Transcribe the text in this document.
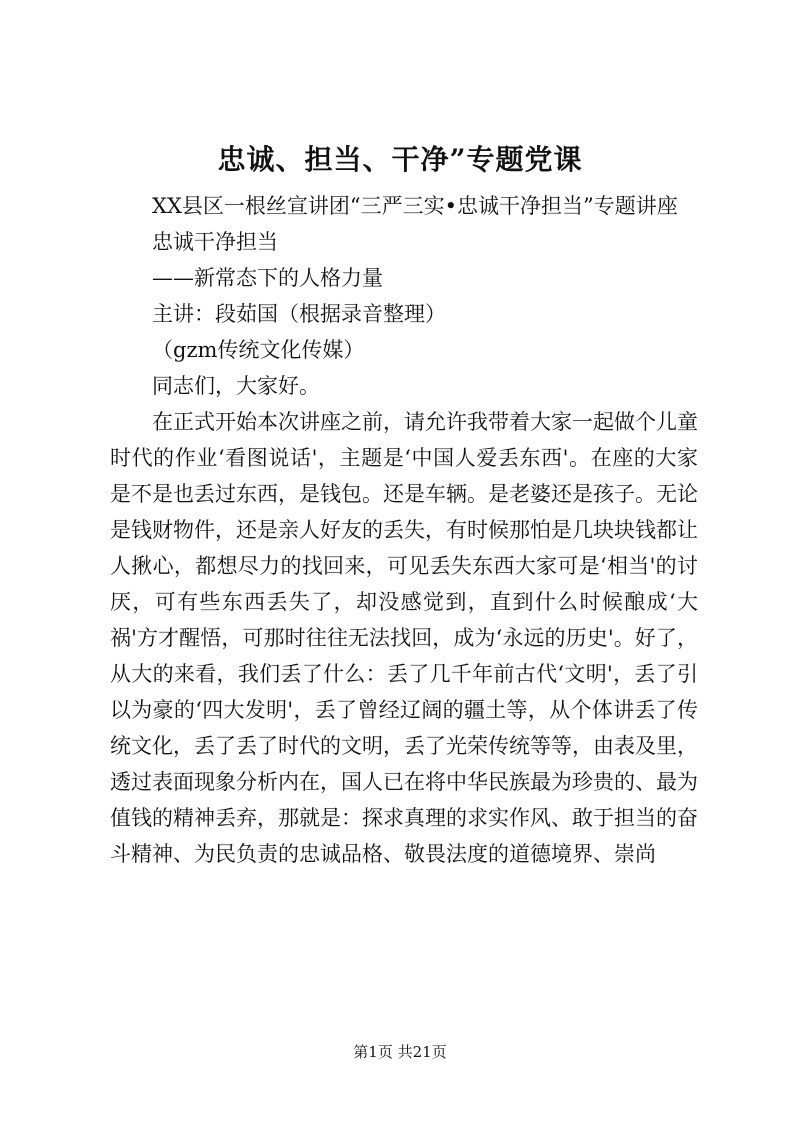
忠诚、担当、干净”专题党课

XX县区一根丝宣讲团“三严三实•忠诚干净担当”专题讲座

忠诚干净担当

——新常态下的人格力量

主讲：段茹国（根据录音整理）

（gzm传统文化传媒）

同志们，大家好。

在正式开始本次讲座之前，请允许我带着大家一起做个儿童时代的作业‘看图说话'，主题是‘中国人爱丢东西'。在座的大家是不是也丢过东西，是钱包。还是车辆。是老婆还是孩子。无论是钱财物件，还是亲人好友的丢失，有时候那怕是几块块钱都让人揪心，都想尽力的找回来，可见丢失东西大家可是‘相当'的讨厌，可有些东西丢失了，却没感觉到，直到什么时候酿成‘大祸'方才醒悟，可那时往往无法找回，成为‘永远的历史'。好了，从大的来看，我们丢了什么：丢了几千年前古代‘文明'，丢了引以为豪的‘四大发明'，丢了曾经辽阔的疆土等，从个体讲丢了传统文化，丢了丢了时代的文明，丢了光荣传统等等，由表及里，透过表面现象分析内在，国人已在将中华民族最为珍贵的、最为值钱的精神丢弃，那就是：探求真理的求实作风、敢于担当的奋斗精神、为民负责的忠诚品格、敬畏法度的道德境界、崇尚

第1页 共21页
